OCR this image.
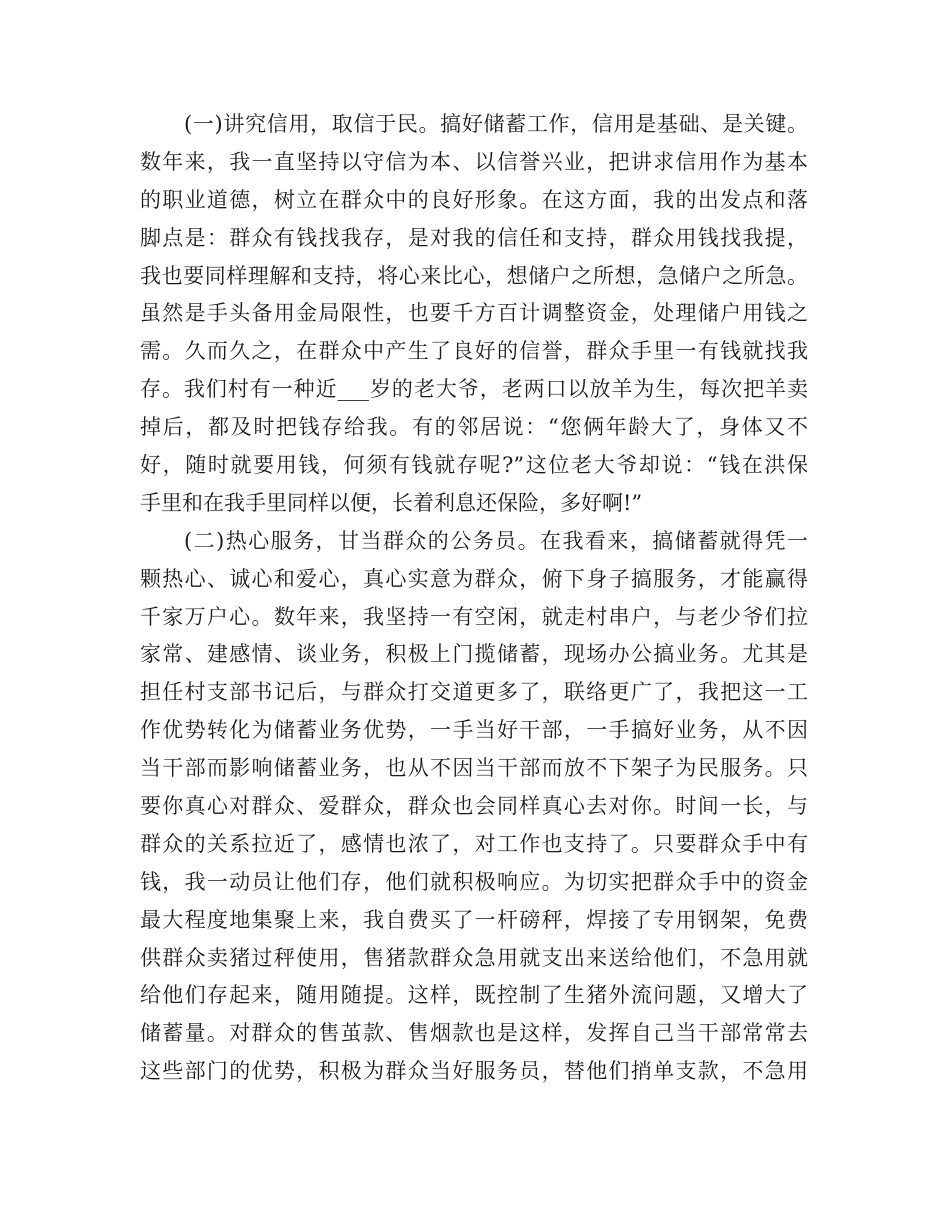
(一)讲究信用，取信于民。搞好储蓄工作，信用是基础、是关键。
数年来，我一直坚持以守信为本、以信誉兴业，把讲求信用作为基本
的职业道德，树立在群众中的良好形象。在这方面，我的出发点和落
脚点是：群众有钱找我存，是对我的信任和支持，群众用钱找我提，
我也要同样理解和支持，将心来比心，想储户之所想，急储户之所急。
虽然是手头备用金局限性，也要千方百计调整资金，处理储户用钱之
需。久而久之，在群众中产生了良好的信誉，群众手里一有钱就找我
存。我们村有一种近___岁的老大爷，老两口以放羊为生，每次把羊卖
掉后，都及时把钱存给我。有的邻居说：“您俩年龄大了，身体又不
好，随时就要用钱，何须有钱就存呢?”这位老大爷却说：“钱在洪保
手里和在我手里同样以便，长着利息还保险，多好啊!”
(二)热心服务，甘当群众的公务员。在我看来，搞储蓄就得凭一
颗热心、诚心和爱心，真心实意为群众，俯下身子搞服务，才能赢得
千家万户心。数年来，我坚持一有空闲，就走村串户，与老少爷们拉
家常、建感情、谈业务，积极上门揽储蓄，现场办公搞业务。尤其是
担任村支部书记后，与群众打交道更多了，联络更广了，我把这一工
作优势转化为储蓄业务优势，一手当好干部，一手搞好业务，从不因
当干部而影响储蓄业务，也从不因当干部而放不下架子为民服务。只
要你真心对群众、爱群众，群众也会同样真心去对你。时间一长，与
群众的关系拉近了，感情也浓了，对工作也支持了。只要群众手中有
钱，我一动员让他们存，他们就积极响应。为切实把群众手中的资金
最大程度地集聚上来，我自费买了一杆磅秤，焊接了专用钢架，免费
供群众卖猪过秤使用，售猪款群众急用就支出来送给他们，不急用就
给他们存起来，随用随提。这样，既控制了生猪外流问题，又增大了
储蓄量。对群众的售茧款、售烟款也是这样，发挥自己当干部常常去
这些部门的优势，积极为群众当好服务员，替他们捎单支款，不急用
